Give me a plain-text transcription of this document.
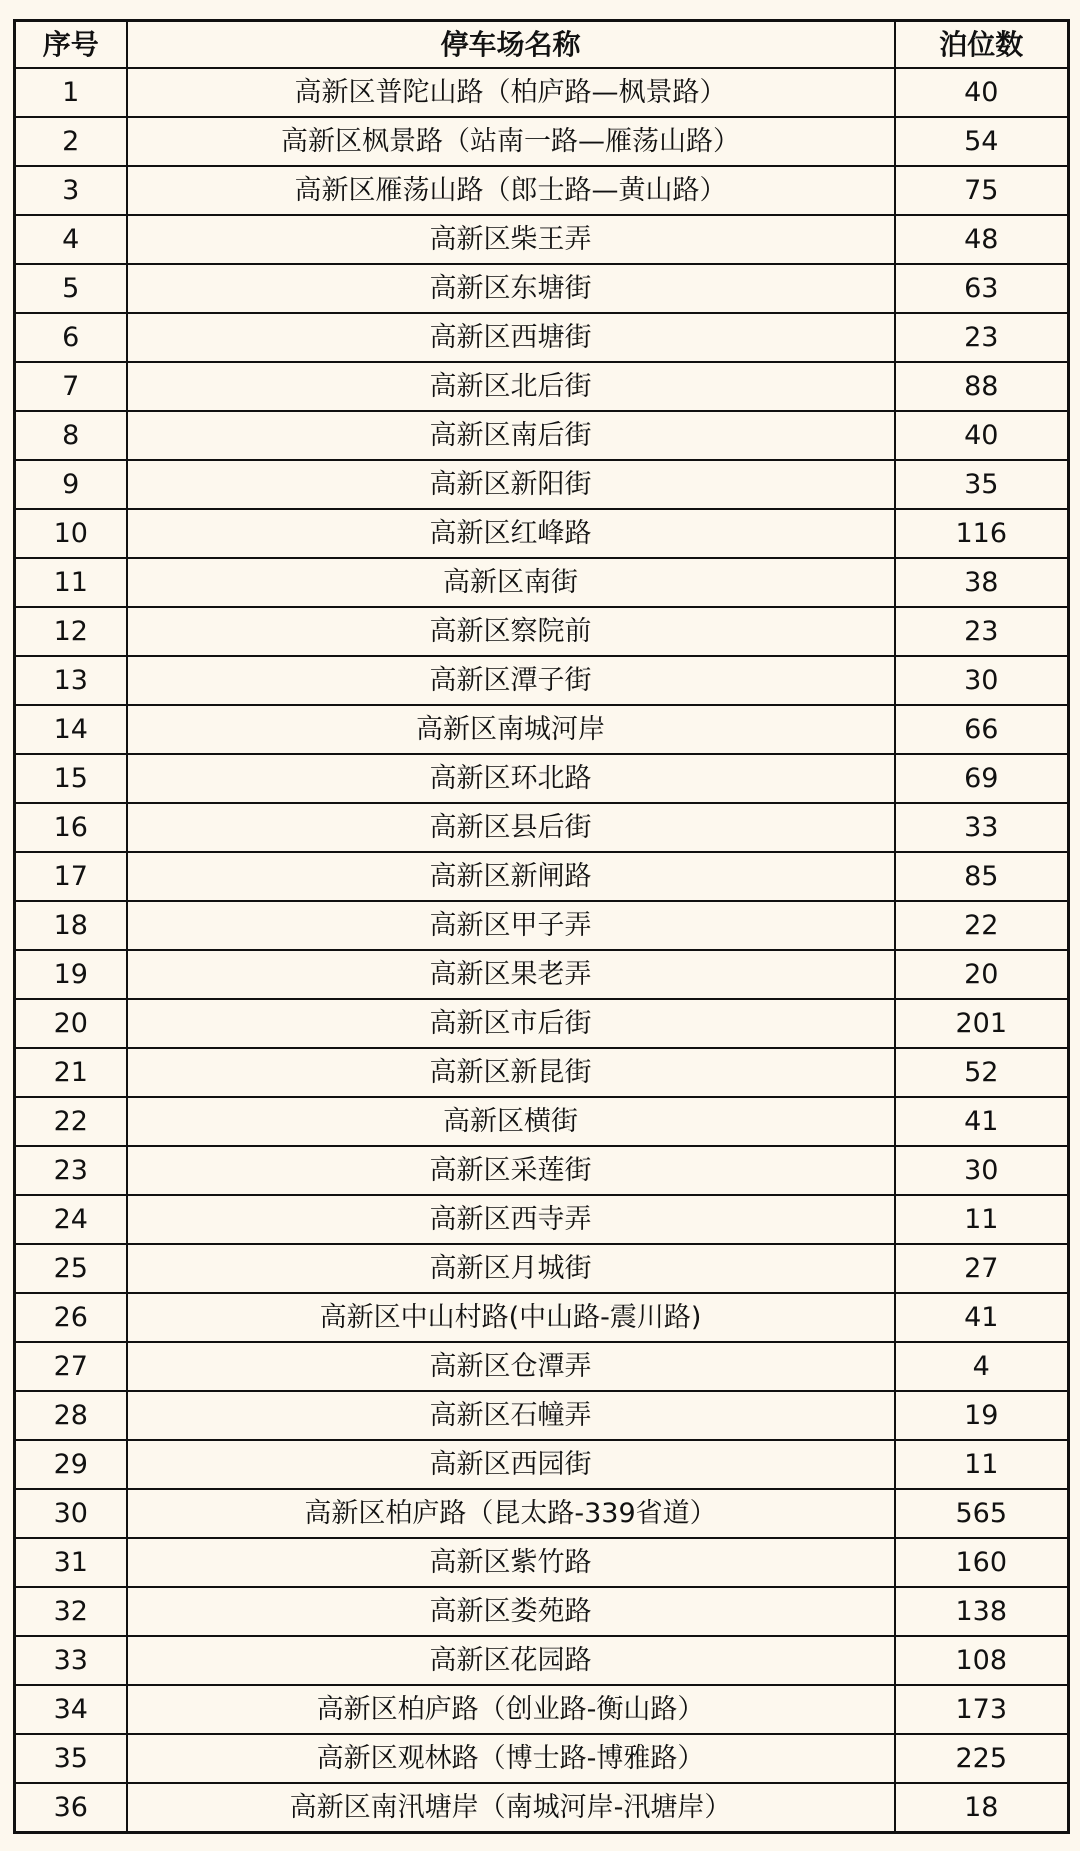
序号	停车场名称	泊位数
1	高新区普陀山路（柏庐路—枫景路）	40
2	高新区枫景路（站南一路—雁荡山路）	54
3	高新区雁荡山路（郎士路—黄山路）	75
4	高新区柴王弄	48
5	高新区东塘街	63
6	高新区西塘街	23
7	高新区北后街	88
8	高新区南后街	40
9	高新区新阳街	35
10	高新区红峰路	116
11	高新区南街	38
12	高新区察院前	23
13	高新区潭子街	30
14	高新区南城河岸	66
15	高新区环北路	69
16	高新区县后街	33
17	高新区新闸路	85
18	高新区甲子弄	22
19	高新区果老弄	20
20	高新区市后街	201
21	高新区新昆街	52
22	高新区横街	41
23	高新区采莲街	30
24	高新区西寺弄	11
25	高新区月城街	27
26	高新区中山村路(中山路-震川路)	41
27	高新区仓潭弄	4
28	高新区石幢弄	19
29	高新区西园街	11
30	高新区柏庐路（昆太路-339省道）	565
31	高新区紫竹路	160
32	高新区娄苑路	138
33	高新区花园路	108
34	高新区柏庐路（创业路-衡山路）	173
35	高新区观林路（博士路-博雅路）	225
36	高新区南汛塘岸（南城河岸-汛塘岸）	18
